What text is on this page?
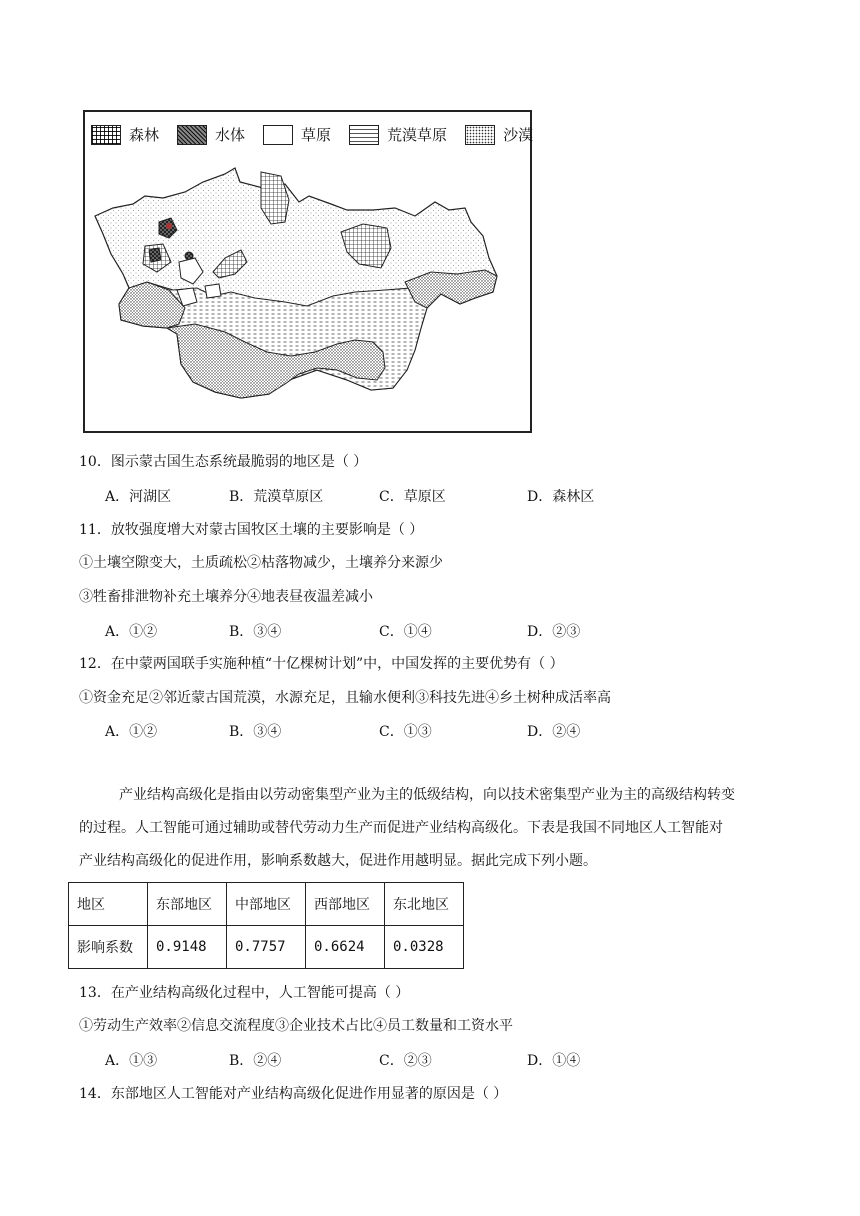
森林	水体	草原	荒漠草原	沙漠
10．图示蒙古国生态系统最脆弱的地区是（ ）
A．河湖区	B．荒漠草原区	C．草原区	D．森林区
11．放牧强度增大对蒙古国牧区土壤的主要影响是（ ）
①土壤空隙变大，土质疏松②枯落物减少，土壤养分来源少
③牲畜排泄物补充土壤养分④地表昼夜温差减小
A．①②	B．③④	C．①④	D．②③
12．在中蒙两国联手实施种植“十亿棵树计划”中，中国发挥的主要优势有（ ）
①资金充足②邻近蒙古国荒漠，水源充足，且输水便利③科技先进④乡土树种成活率高
A．①②	B．③④	C．①③	D．②④
产业结构高级化是指由以劳动密集型产业为主的低级结构，向以技术密集型产业为主的高级结构转变
的过程。人工智能可通过辅助或替代劳动力生产而促进产业结构高级化。下表是我国不同地区人工智能对
产业结构高级化的促进作用，影响系数越大，促进作用越明显。据此完成下列小题。
地区	东部地区	中部地区	西部地区	东北地区
影响系数	0.9148	0.7757	0.6624	0.0328
13．在产业结构高级化过程中，人工智能可提高（ ）
①劳动生产效率②信息交流程度③企业技术占比④员工数量和工资水平
A．①③	B．②④	C．②③	D．①④
14．东部地区人工智能对产业结构高级化促进作用显著的原因是（ ）
